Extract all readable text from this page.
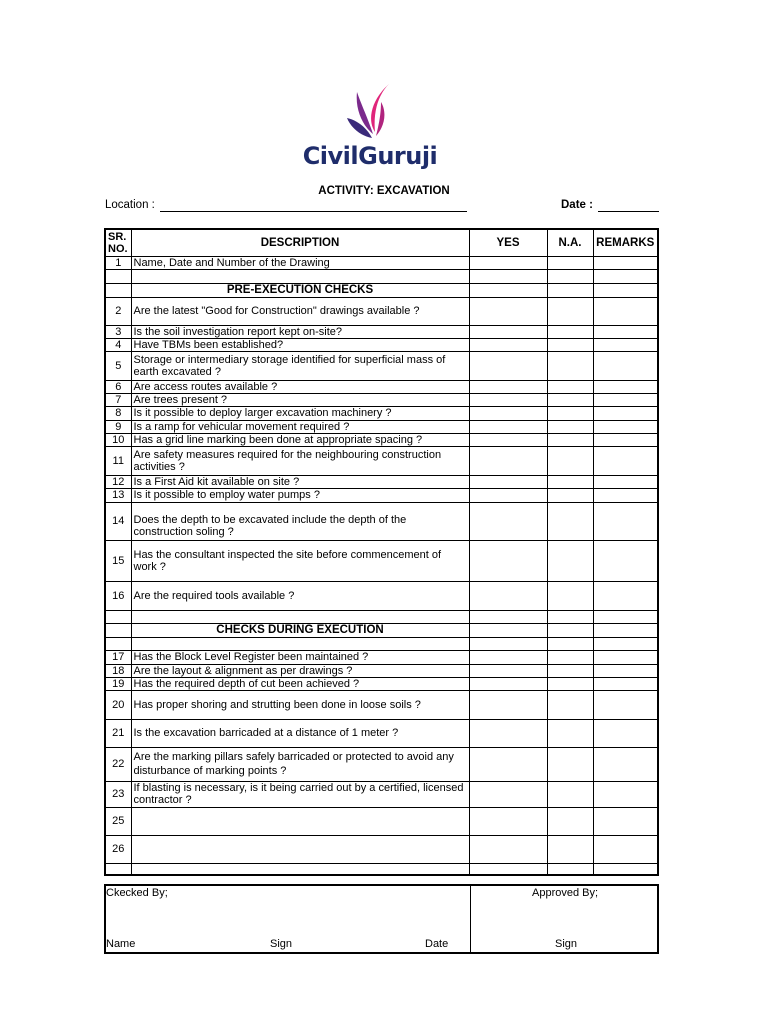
CivilGuruji
ACTIVITY: EXCAVATION
Location :	Date :
SR. NO.	DESCRIPTION	YES	N.A.	REMARKS
1	Name, Date and Number of the Drawing			

	PRE-EXECUTION CHECKS			
2	Are the latest "Good for Construction" drawings available ?			
3	Is the soil investigation report kept on-site?			
4	Have TBMs been established?			
5	Storage or intermediary storage identified for superficial mass of earth excavated ?			
6	Are access routes available ?			
7	Are trees present ?			
8	Is it possible to deploy larger excavation machinery ?			
9	Is a ramp for vehicular movement required ?			
10	Has a grid line marking been done at appropriate spacing ?			
11	Are safety measures required for the neighbouring construction activities ?			
12	Is a First Aid kit available on site ?			
13	Is it possible to employ water pumps ?			
14	Does the depth to be excavated include the depth of the construction soling ?			
15	Has the consultant inspected the site before commencement of work ?			
16	Are the required tools available ?			

	CHECKS DURING EXECUTION			

17	Has the Block Level Register been maintained ?			
18	Are the layout & alignment as per drawings ?			
19	Has the required depth of cut been achieved ?			
20	Has proper shoring and strutting been done in loose soils ?			
21	Is the excavation barricaded at a distance of 1 meter ?			
22	Are the marking pillars safely barricaded or protected to avoid any disturbance of marking points ?			
23	If blasting is necessary, is it being carried out by a certified, licensed contractor ?			
25				
26				

Ckecked By;	Approved By;
Name	Sign	Date	Sign
